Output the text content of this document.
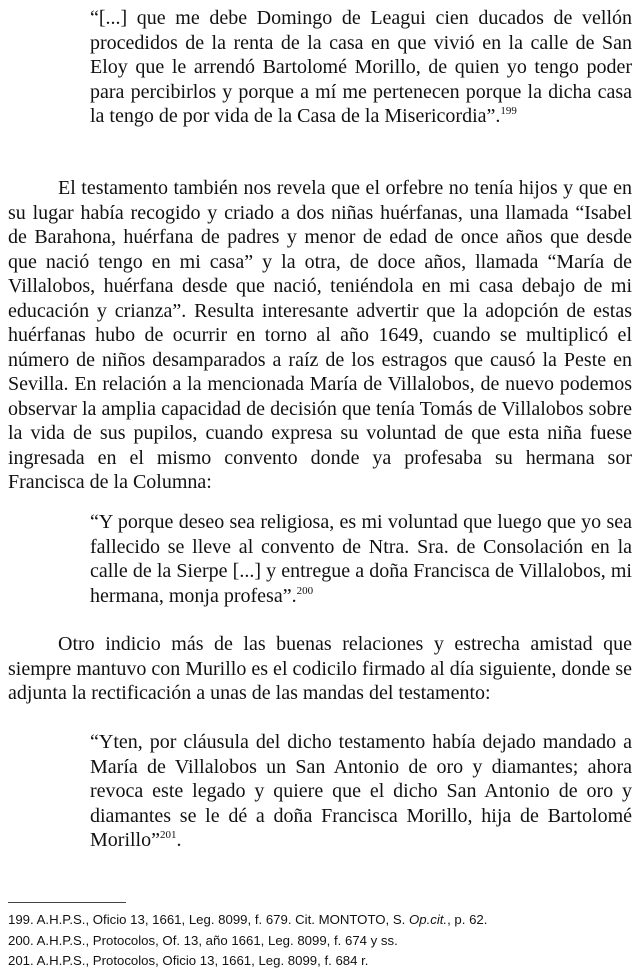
“[...] que me debe Domingo de Leagui cien ducados de vellón procedidos de la renta de la casa en que vivió en la calle de San Eloy que le arrendó Bartolomé Morillo, de quien yo tengo poder para percibirlos y porque a mí me pertenecen porque la dicha casa la tengo de por vida de la Casa de la Misericordia”.$^{199}$
El testamento también nos revela que el orfebre no tenía hijos y que en su lugar había recogido y criado a dos niñas huérfanas, una llamada “Isabel de Barahona, huérfana de padres y menor de edad de once años que desde que nació tengo en mi casa” y la otra, de doce años, llamada “María de Villalobos, huérfana desde que nació, teniéndola en mi casa debajo de mi educación y crianza”. Resulta interesante advertir que la adopción de estas huérfanas hubo de ocurrir en torno al año 1649, cuando se multiplicó el número de niños desamparados a raíz de los estragos que causó la Peste en Sevilla. En relación a la mencionada María de Villalobos, de nuevo podemos observar la amplia capacidad de decisión que tenía Tomás de Villalobos sobre la vida de sus pupilos, cuando expresa su voluntad de que esta niña fuese ingresada en el mismo convento donde ya profesaba su hermana sor Francisca de la Columna:
“Y porque deseo sea religiosa, es mi voluntad que luego que yo sea fallecido se lleve al convento de Ntra. Sra. de Consolación en la calle de la Sierpe [...] y entregue a doña Francisca de Villalobos, mi hermana, monja profesa”.$^{200}$
Otro indicio más de las buenas relaciones y estrecha amistad que siempre mantuvo con Murillo es el codicilo firmado al día siguiente, donde se adjunta la rectificación a unas de las mandas del testamento:
“Yten, por cláusula del dicho testamento había dejado mandado a María de Villalobos un San Antonio de oro y diamantes; ahora revoca este legado y quiere que el dicho San Antonio de oro y diamantes se le dé a doña Francisca Morillo, hija de Bartolomé Morillo”$^{201}$.
199. A.H.P.S., Oficio 13, 1661, Leg. 8099, f. 679. Cit. MONTOTO, S. Op.cit., p. 62.
200. A.H.P.S., Protocolos, Of. 13, año 1661, Leg. 8099, f. 674 y ss.
201. A.H.P.S., Protocolos, Oficio 13, 1661, Leg. 8099, f. 684 r.
